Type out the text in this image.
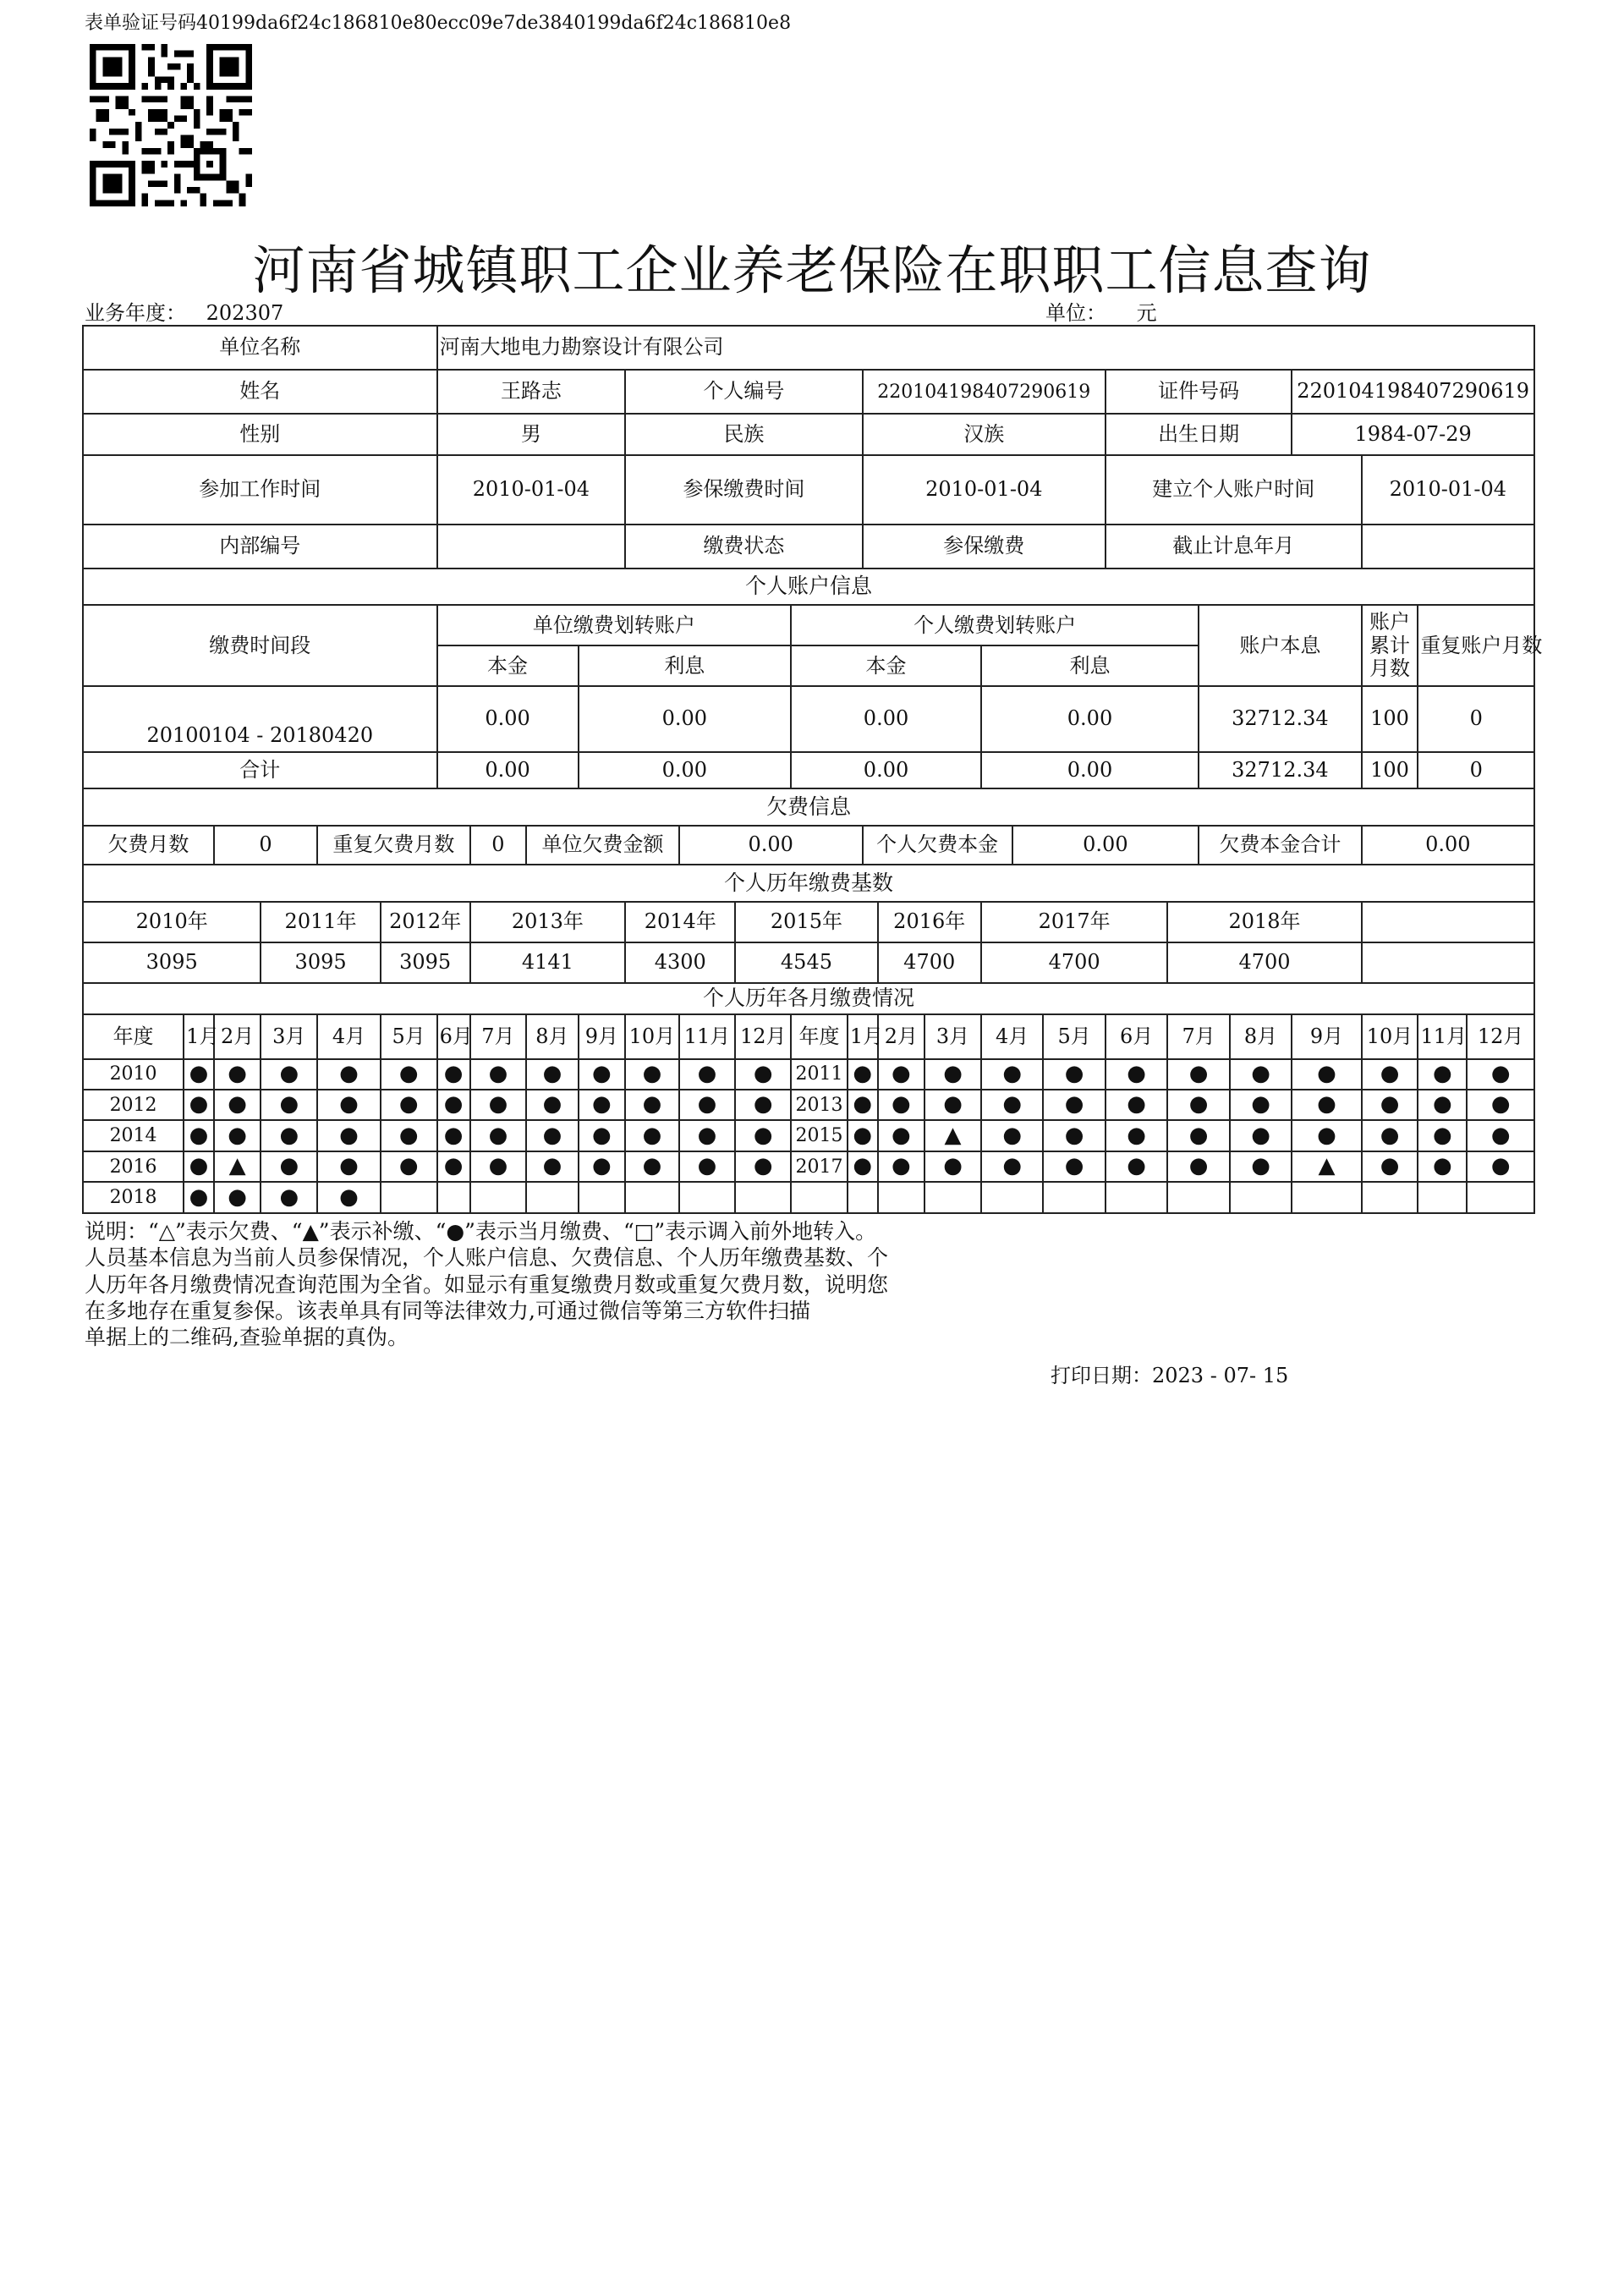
表单验证号码40199da6f24c186810e80ecc09e7de3840199da6f24c186810e8
河南省城镇职工企业养老保险在职职工信息查询
业务年度： 202307	单位： 元
单位名称						河南大地电力勘察设计有限公司																						
姓名						王路志				个人编号					220104198407290619						证件号码				220104198407290619			
性别						男				民族					汉族						出生日期				1984-07-29			
参加工作时间						2010-01-04				参保缴费时间					2010-01-04						建立个人账户时间					2010-01-04		
内部编号										缴费状态					参保缴费						截止计息年月							
个人账户信息																												
缴费时间段						单位缴费划转账户							个人缴费划转账户										账户本息			账户累计月数	重复账户月数	
						本金			利息				本金					利息										
20100104 - 20180420						0.00			0.00				0.00					0.00					32712.34			100	0	
合计						0.00			0.00				0.00					0.00					32712.34			100	0	
欠费信息																												
欠费月数		0		重复欠费月数			0	单位欠费金额			0.00				个人欠费本金				0.00				欠费本金合计			0.00		
个人历年缴费基数																												
2010年			2011年		2012年		2013年			2014年		2015年				2016年		2017年				2018年						
3095			3095		3095		4141			4300		4545				4700		4700				4700						
个人历年各月缴费情况																												
年度	1月	2月	3月	4月	5月	6月	7月	8月	9月	10月	11月	12月	年度	1月		2月	3月	4月		5月	6月	7月		8月	9月	10月	11月	12月
2010	●	●	●	●	●	●	●	●	●	●	●	●	2011	●		●	●	●		●	●	●		●	●	●	●	●
2012	●	●	●	●	●	●	●	●	●	●	●	●	2013	●		●	●	●		●	●	●		●	●	●	●	●
2014	●	●	●	●	●	●	●	●	●	●	●	●	2015	●		●	▲	●		●	●	●		●	●	●	●	●
2016	●	▲	●	●	●	●	●	●	●	●	●	●	2017	●		●	●	●		●	●	●		●	▲	●	●	●
2018	●	●	●	●																								

说明：“△”表示欠费、“▲”表示补缴、“●”表示当月缴费、“□”表示调入前外地转入。

人员基本信息为当前人员参保情况，个人账户信息、欠费信息、个人历年缴费基数、个

人历年各月缴费情况查询范围为全省。如显示有重复缴费月数或重复欠费月数，说明您

在多地存在重复参保。该表单具有同等法律效力,可通过微信等第三方软件扫描

单据上的二维码,查验单据的真伪。

打印日期：2023 - 07- 15
